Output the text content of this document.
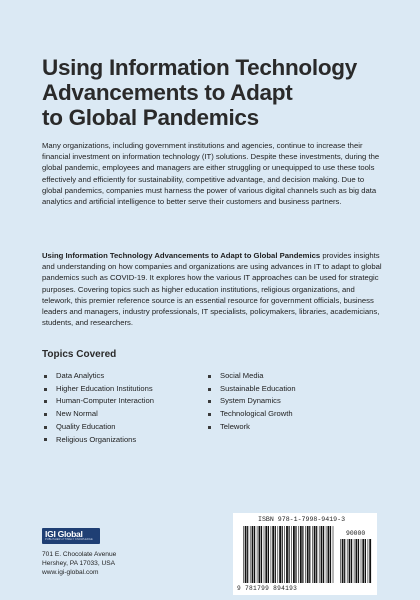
Using Information Technology
Advancements to Adapt
to Global Pandemics
Many organizations, including government institutions and agencies, continue to increase their financial investment on information technology (IT) solutions. Despite these investments, during the global pandemic, employees and managers are either struggling or unequipped to use these tools effectively and efficiently for sustainability, competitive advantage, and decision making. Due to global pandemics, companies must harness the power of various digital channels such as big data analytics and artificial intelligence to better serve their customers and business partners.
Using Information Technology Advancements to Adapt to Global Pandemics provides insights and understanding on how companies and organizations are using advances in IT to adapt to global pandemics such as COVID-19. It explores how the various IT approaches can be used for strategic purposes. Covering topics such as higher education institutions, religious organizations, and telework, this premier reference source is an essential resource for government officials, business leaders and managers, industry professionals, IT specialists, policymakers, libraries, academicians, students, and researchers.
Topics Covered
Data Analytics
Higher Education Institutions
Human-Computer Interaction
New Normal
Quality Education
Religious Organizations
Social Media
Sustainable Education
System Dynamics
Technological Growth
Telework
IGI Global
PUBLISHER of TIMELY KNOWLEDGE
701 E. Chocolate Avenue
Hershey, PA 17033, USA
www.igi-global.com
ISBN 978-1-7998-9419-3
90000
9 781799 894193
